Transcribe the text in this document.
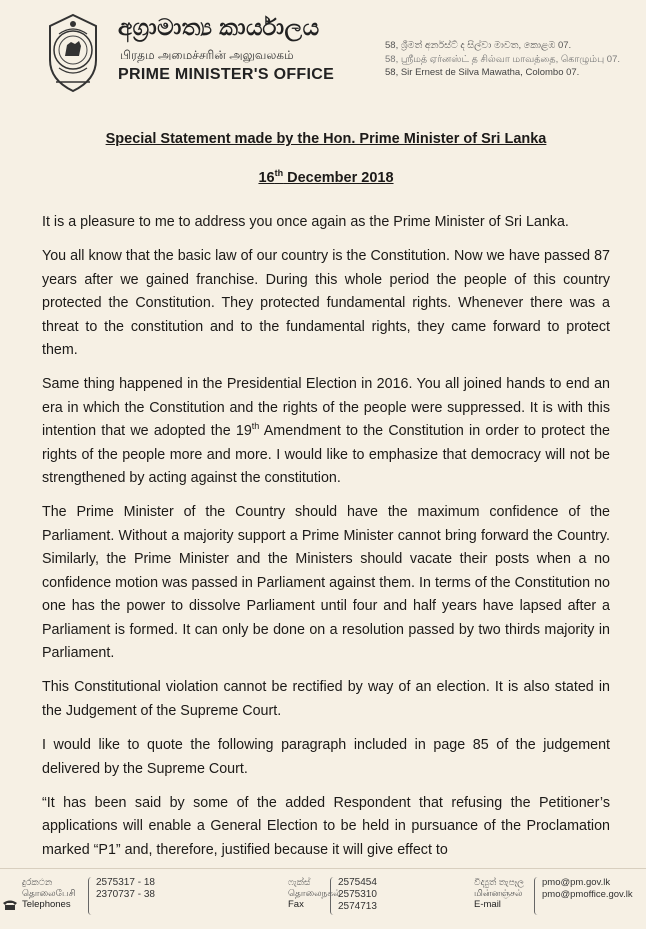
අග්‍රාමාත්‍ය කාර්යාලය
பிரதம அமைச்சரின் அலுவலகம்
PRIME MINISTER'S OFFICE
58, ශ්‍රීමත් අර්නස්ට් ද සිල්වා මාවත, කොළඹ 07.
58, ஸ்ரீமத் ஏர்னஸ்ட் த சில்வா மாவத்தை, கொழும்பு 07.
58, Sir Ernest de Silva Mawatha, Colombo 07.

Special Statement made by the Hon. Prime Minister of Sri Lanka

16th December 2018

It is a pleasure to me to address you once again as the Prime Minister of Sri Lanka.

You all know that the basic law of our country is the Constitution. Now we have passed 87 years after we gained franchise. During this whole period the people of this country protected the Constitution. They protected fundamental rights. Whenever there was a threat to the constitution and to the fundamental rights, they came forward to protect them.

Same thing happened in the Presidential Election in 2016. You all joined hands to end an era in which the Constitution and the rights of the people were suppressed. It is with this intention that we adopted the 19th Amendment to the Constitution in order to protect the rights of the people more and more. I would like to emphasize that democracy will not be strengthened by acting against the constitution.

The Prime Minister of the Country should have the maximum confidence of the Parliament. Without a majority support a Prime Minister cannot bring forward the Country. Similarly, the Prime Minister and the Ministers should vacate their posts when a no confidence motion was passed in Parliament against them. In terms of the Constitution no one has the power to dissolve Parliament until four and half years have lapsed after a Parliament is formed. It can only be done on a resolution passed by two thirds majority in Parliament.

This Constitutional violation cannot be rectified by way of an election. It is also stated in the Judgement of the Supreme Court.

I would like to quote the following paragraph included in page 85 of the judgement delivered by the Supreme Court.

“It has been said by some of the added Respondent that refusing the Petitioner’s applications will enable a General Election to be held in pursuance of the Proclamation marked “P1” and, therefore, justified because it will give effect to

දුරකථන
தொலைபேசி
Telephones
2575317 - 18
2370737 - 38
ෆැක්ස්
தொலைநகல்
Fax
2575454
2575310
2574713
විද්‍යුත් තැපෑල
மின்னஞ்சல்
E-mail
pmo@pm.gov.lk
pmo@pmoffice.gov.lk
